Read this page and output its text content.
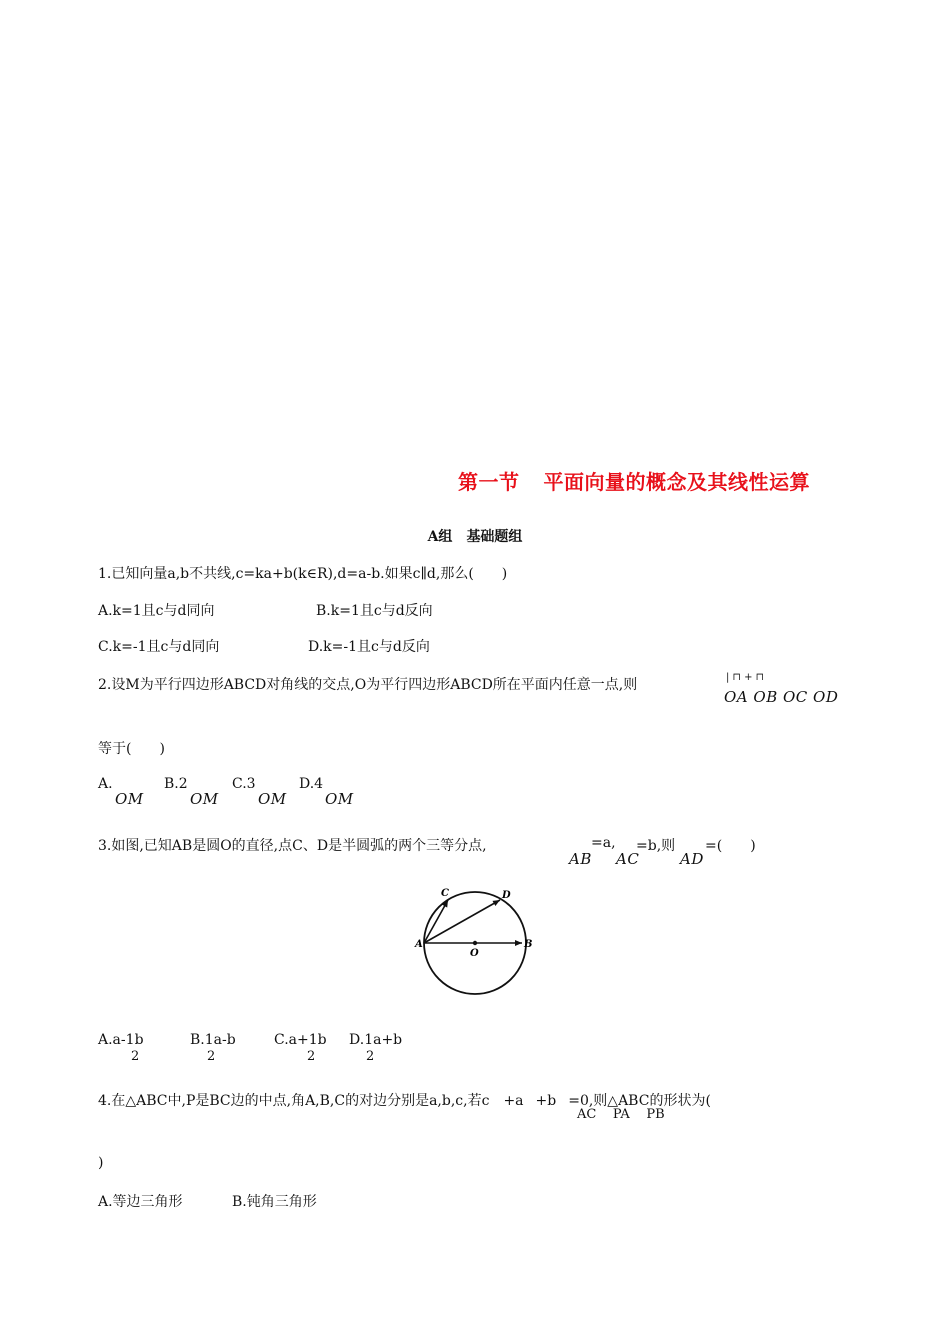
第一节 平面向量的概念及其线性运算
A组 基础题组
1.已知向量a,b不共线,c=ka+b(k∈R),d=a-b.如果c∥d,那么(　　)
A.k=1且c与d同向	B.k=1且c与d反向
C.k=-1且c与d同向	D.k=-1且c与d反向
2.设M为平行四边形ABCD对角线的交点,O为平行四边形ABCD所在平面内任意一点,则	| ⊓ + ⊓
OA OB OC OD
等于(　　)
A.
OM
B.2
OM
C.3
OM
D.4
OM
3.如图,已知AB是圆O的直径,点C、D是半圆弧的两个三等分点,	=a, =b,则 =(　　)
AB AC	AD
A	B
C	D
O
A.a-1b
2
B.1a-b
2
C.a+1b
2
D.1a+b
2
4.在△ABC中,P是BC边的中点,角A,B,C的对边分别是a,b,c,若c +a +b =0,则△ABC的形状为(
AC    PA    PB
)
A.等边三角形	B.钝角三角形
